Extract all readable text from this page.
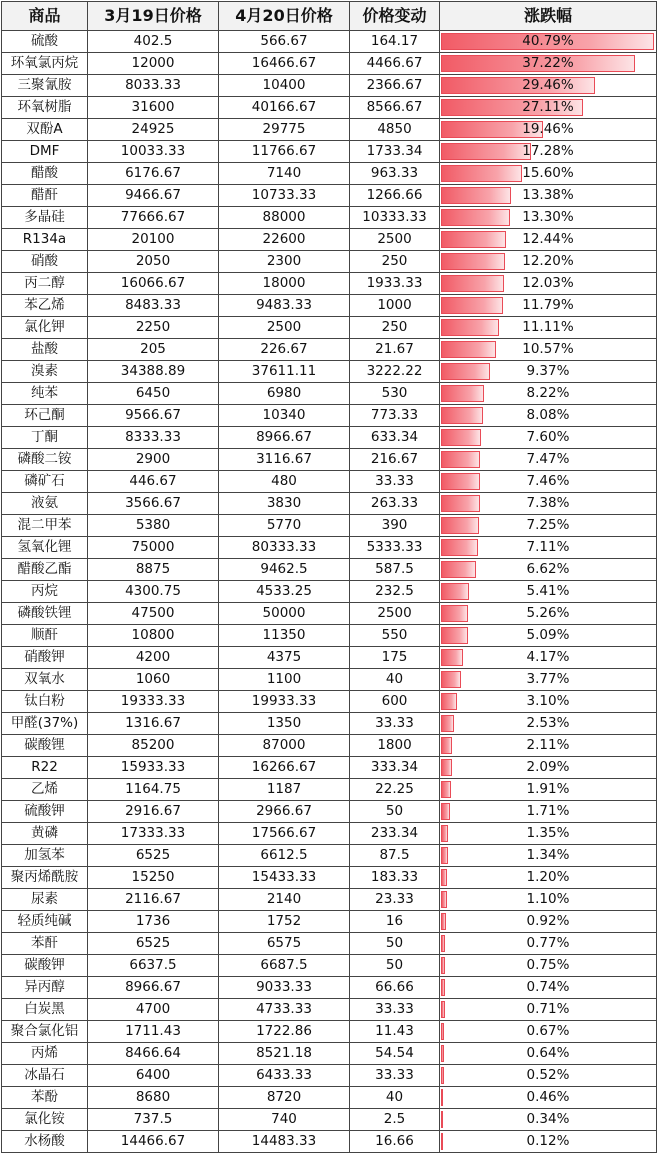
商品	3月19日价格	4月20日价格	价格变动	涨跌幅
硫酸	402.5	566.67	164.17	40.79%
环氧氯丙烷	12000	16466.67	4466.67	37.22%
三聚氰胺	8033.33	10400	2366.67	29.46%
环氧树脂	31600	40166.67	8566.67	27.11%
双酚A	24925	29775	4850	19.46%
DMF	10033.33	11766.67	1733.34	17.28%
醋酸	6176.67	7140	963.33	15.60%
醋酐	9466.67	10733.33	1266.66	13.38%
多晶硅	77666.67	88000	10333.33	13.30%
R134a	20100	22600	2500	12.44%
硝酸	2050	2300	250	12.20%
丙二醇	16066.67	18000	1933.33	12.03%
苯乙烯	8483.33	9483.33	1000	11.79%
氯化钾	2250	2500	250	11.11%
盐酸	205	226.67	21.67	10.57%
溴素	34388.89	37611.11	3222.22	9.37%
纯苯	6450	6980	530	8.22%
环己酮	9566.67	10340	773.33	8.08%
丁酮	8333.33	8966.67	633.34	7.60%
磷酸二铵	2900	3116.67	216.67	7.47%
磷矿石	446.67	480	33.33	7.46%
液氨	3566.67	3830	263.33	7.38%
混二甲苯	5380	5770	390	7.25%
氢氧化锂	75000	80333.33	5333.33	7.11%
醋酸乙酯	8875	9462.5	587.5	6.62%
丙烷	4300.75	4533.25	232.5	5.41%
磷酸铁锂	47500	50000	2500	5.26%
顺酐	10800	11350	550	5.09%
硝酸钾	4200	4375	175	4.17%
双氧水	1060	1100	40	3.77%
钛白粉	19333.33	19933.33	600	3.10%
甲醛(37%)	1316.67	1350	33.33	2.53%
碳酸锂	85200	87000	1800	2.11%
R22	15933.33	16266.67	333.34	2.09%
乙烯	1164.75	1187	22.25	1.91%
硫酸钾	2916.67	2966.67	50	1.71%
黄磷	17333.33	17566.67	233.34	1.35%
加氢苯	6525	6612.5	87.5	1.34%
聚丙烯酰胺	15250	15433.33	183.33	1.20%
尿素	2116.67	2140	23.33	1.10%
轻质纯碱	1736	1752	16	0.92%
苯酐	6525	6575	50	0.77%
碳酸钾	6637.5	6687.5	50	0.75%
异丙醇	8966.67	9033.33	66.66	0.74%
白炭黑	4700	4733.33	33.33	0.71%
聚合氯化铝	1711.43	1722.86	11.43	0.67%
丙烯	8466.64	8521.18	54.54	0.64%
冰晶石	6400	6433.33	33.33	0.52%
苯酚	8680	8720	40	0.46%
氯化铵	737.5	740	2.5	0.34%
水杨酸	14466.67	14483.33	16.66	0.12%
